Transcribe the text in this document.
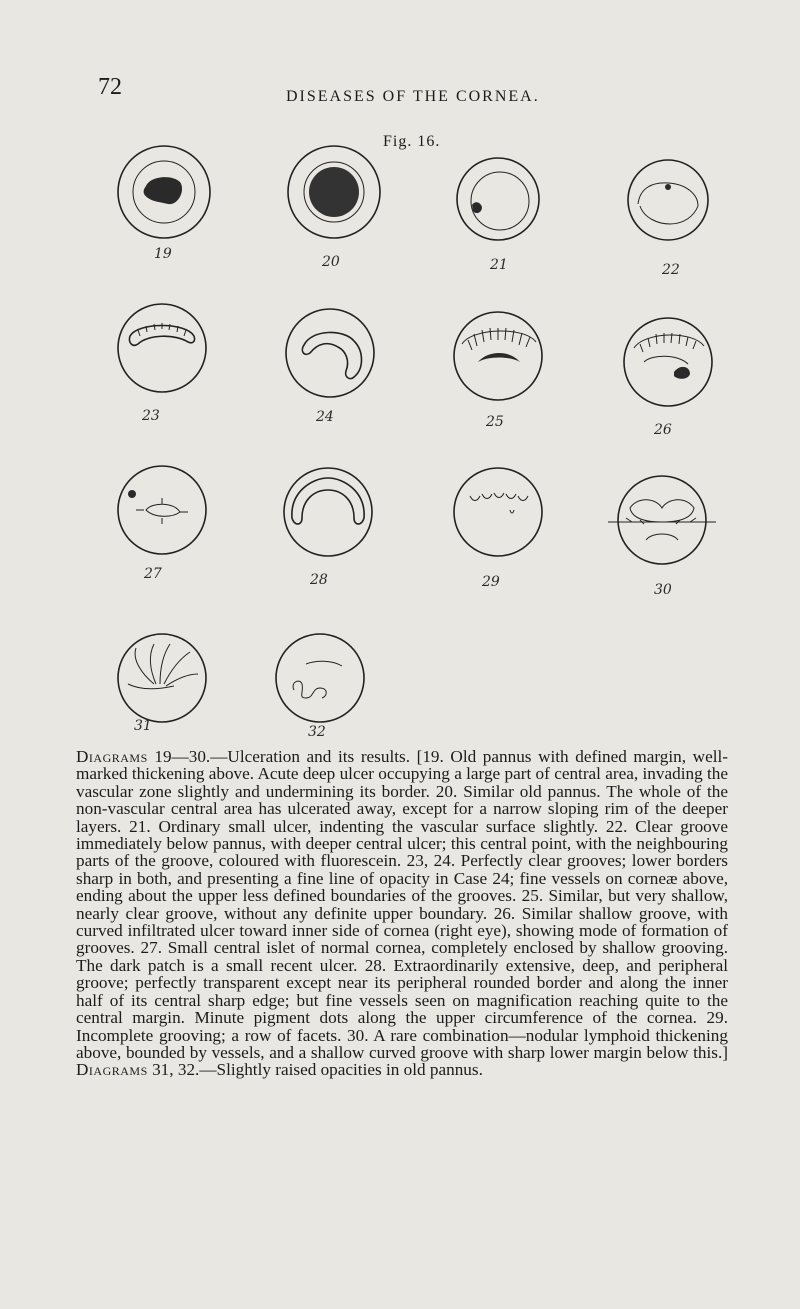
72	DISEASES OF THE CORNEA.
Fig. 16.
19	20	21	22
23	24	25	26
27	28	29	30
31	32
Diagrams 19—30.—Ulceration and its results. [19. Old pannus with defined margin, well-marked thickening above. Acute deep ulcer occupying a large part of central area, invading the vascular zone slightly and undermining its border. 20. Similar old pannus. The whole of the non-vascular central area has ulcerated away, except for a narrow sloping rim of the deeper layers. 21. Ordinary small ulcer, indenting the vascular surface slightly. 22. Clear groove immediately below pannus, with deeper central ulcer; this central point, with the neighbouring parts of the groove, coloured with fluorescein. 23, 24. Perfectly clear grooves; lower borders sharp in both, and presenting a fine line of opacity in Case 24; fine vessels on corneæ above, ending about the upper less defined boundaries of the grooves. 25. Similar, but very shallow, nearly clear groove, without any definite upper boundary. 26. Similar shallow groove, with curved infiltrated ulcer toward inner side of cornea (right eye), showing mode of formation of grooves. 27. Small central islet of normal cornea, completely enclosed by shallow grooving. The dark patch is a small recent ulcer. 28. Extraordinarily extensive, deep, and peripheral groove; perfectly transparent except near its peripheral rounded border and along the inner half of its central sharp edge; but fine vessels seen on magnification reaching quite to the central margin. Minute pigment dots along the upper circumference of the cornea. 29. Incomplete grooving; a row of facets. 30. A rare combination—nodular lymphoid thickening above, bounded by vessels, and a shallow curved groove with sharp lower margin below this.] Diagrams 31, 32.—Slightly raised opacities in old pannus.
